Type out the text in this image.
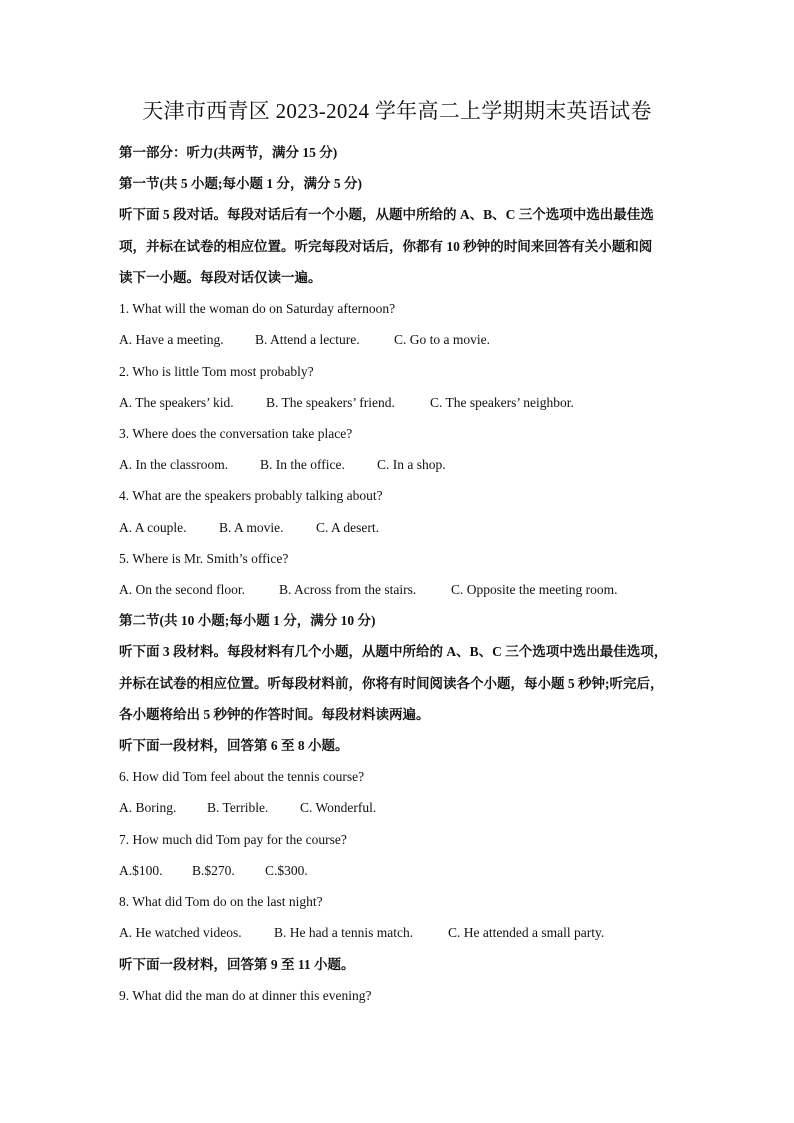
天津市西青区 2023-2024 学年高二上学期期末英语试卷
第一部分：听力(共两节，满分 15 分)
第一节(共 5 小题;每小题 1 分，满分 5 分)
听下面 5 段对话。每段对话后有一个小题，从题中所给的 A、B、C 三个选项中选出最佳选
项，并标在试卷的相应位置。听完每段对话后，你都有 10 秒钟的时间来回答有关小题和阅
读下一小题。每段对话仅读一遍。
1. What will the woman do on Saturday afternoon?
A. Have a meeting. B. Attend a lecture.	C. Go to a movie.
2. Who is little Tom most probably?
A. The speakers’ kid. B. The speakers’ friend.	C. The speakers’ neighbor.
3. Where does the conversation take place?
A. In the classroom. B. In the office. C. In a shop.
4. What are the speakers probably talking about?
A. A couple. B. A movie. C. A desert.
5. Where is Mr. Smith’s office?
A. On the second floor.	B. Across from the stairs.	C. Opposite the meeting room.
第二节(共 10 小题;每小题 1 分，满分 10 分)
听下面 3 段材料。每段材料有几个小题，从题中所给的 A、B、C 三个选项中选出最佳选项，
并标在试卷的相应位置。听每段材料前，你将有时间阅读各个小题，每小题 5 秒钟;听完后，
各小题将给出 5 秒钟的作答时间。每段材料读两遍。
听下面一段材料，回答第 6 至 8 小题。
6. How did Tom feel about the tennis course?
A. Boring. B. Terrible. C. Wonderful.
7. How much did Tom pay for the course?
A.$100. B.$270. C.$300.
8. What did Tom do on the last night?
A. He watched videos. B. He had a tennis match.	C. He attended a small party.
听下面一段材料，回答第 9 至 11 小题。
9. What did the man do at dinner this evening?
